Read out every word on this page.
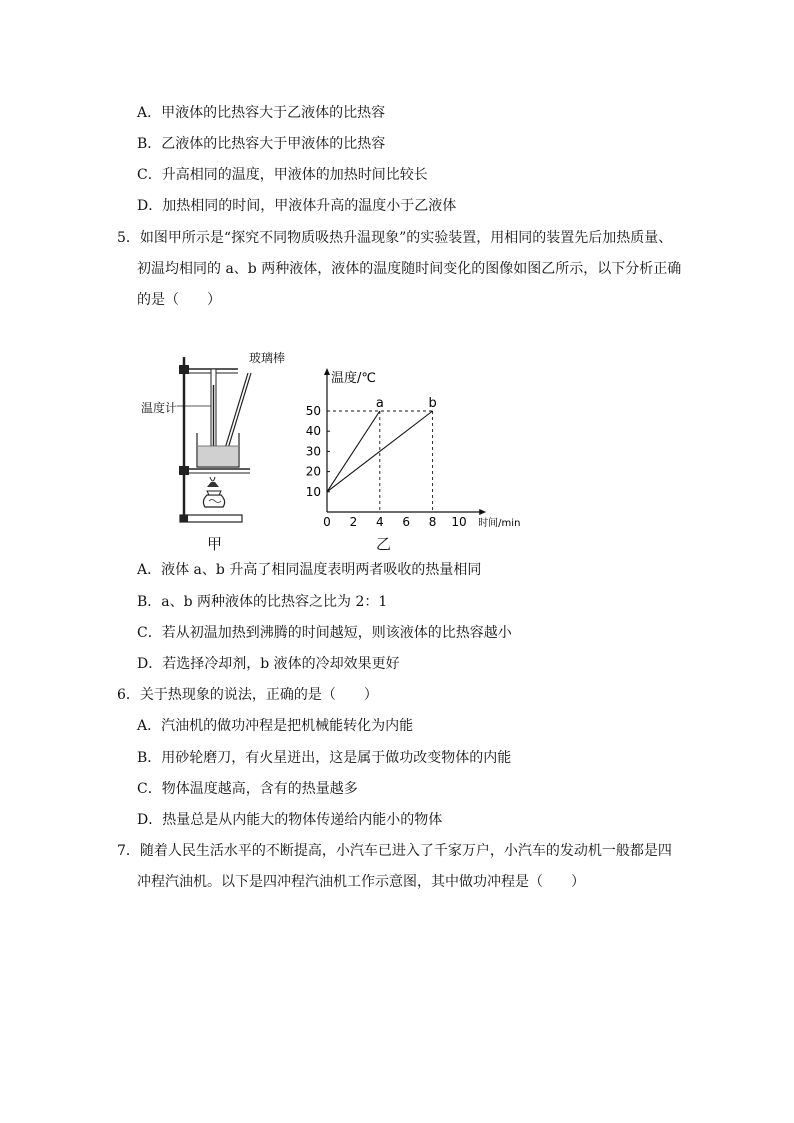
A．甲液体的比热容大于乙液体的比热容
B．乙液体的比热容大于甲液体的比热容
C．升高相同的温度，甲液体的加热时间比较长
D．加热相同的时间，甲液体升高的温度小于乙液体
5．如图甲所示是“探究不同物质吸热升温现象”的实验装置，用相同的装置先后加热质量、
初温均相同的 a、b 两种液体，液体的温度随时间变化的图像如图乙所示，以下分析正确
的是（　　）
玻璃棒
温度计
甲
温度/℃
时间/min
0 2 4 6 8 10
10
20
30
40
50	a	b
乙
A．液体 a、b 升高了相同温度表明两者吸收的热量相同
B．a、b 两种液体的比热容之比为 2：1
C．若从初温加热到沸腾的时间越短，则该液体的比热容越小
D．若选择冷却剂，b 液体的冷却效果更好
6．关于热现象的说法，正确的是（　　）
A．汽油机的做功冲程是把机械能转化为内能
B．用砂轮磨刀，有火星迸出，这是属于做功改变物体的内能
C．物体温度越高，含有的热量越多
D．热量总是从内能大的物体传递给内能小的物体
7．随着人民生活水平的不断提高，小汽车已进入了千家万户，小汽车的发动机一般都是四
冲程汽油机。以下是四冲程汽油机工作示意图，其中做功冲程是（　　）
